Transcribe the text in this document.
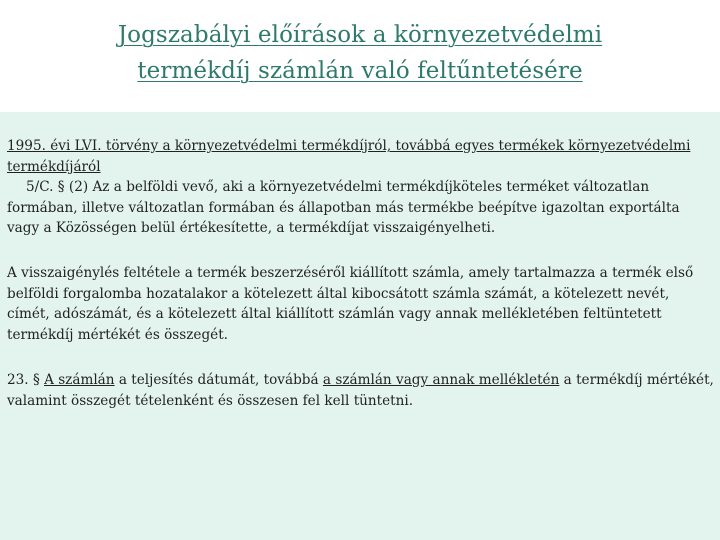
Jogszabályi előírások a környezetvédelmi
termékdíj számlán való feltűntetésére
1995. évi LVI. törvény a környezetvédelmi termékdíjról, továbbá egyes termékek környezetvédelmi termékdíjáról
5/C. § (2) Az a belföldi vevő, aki a környezetvédelmi termékdíjköteles terméket változatlan formában, illetve változatlan formában és állapotban más termékbe beépítve igazoltan exportálta vagy a Közösségen belül értékesítette, a termékdíjat visszaigényelheti.
A visszaigénylés feltétele a termék beszerzéséről kiállított számla, amely tartalmazza a termék első belföldi forgalomba hozatalakor a kötelezett által kibocsátott számla számát, a kötelezett nevét, címét, adószámát, és a kötelezett által kiállított számlán vagy annak mellékletében feltüntetett termékdíj mértékét és összegét.
23. § A számlán a teljesítés dátumát, továbbá a számlán vagy annak mellékletén a termékdíj mértékét, valamint összegét tételenként és összesen fel kell tüntetni.
